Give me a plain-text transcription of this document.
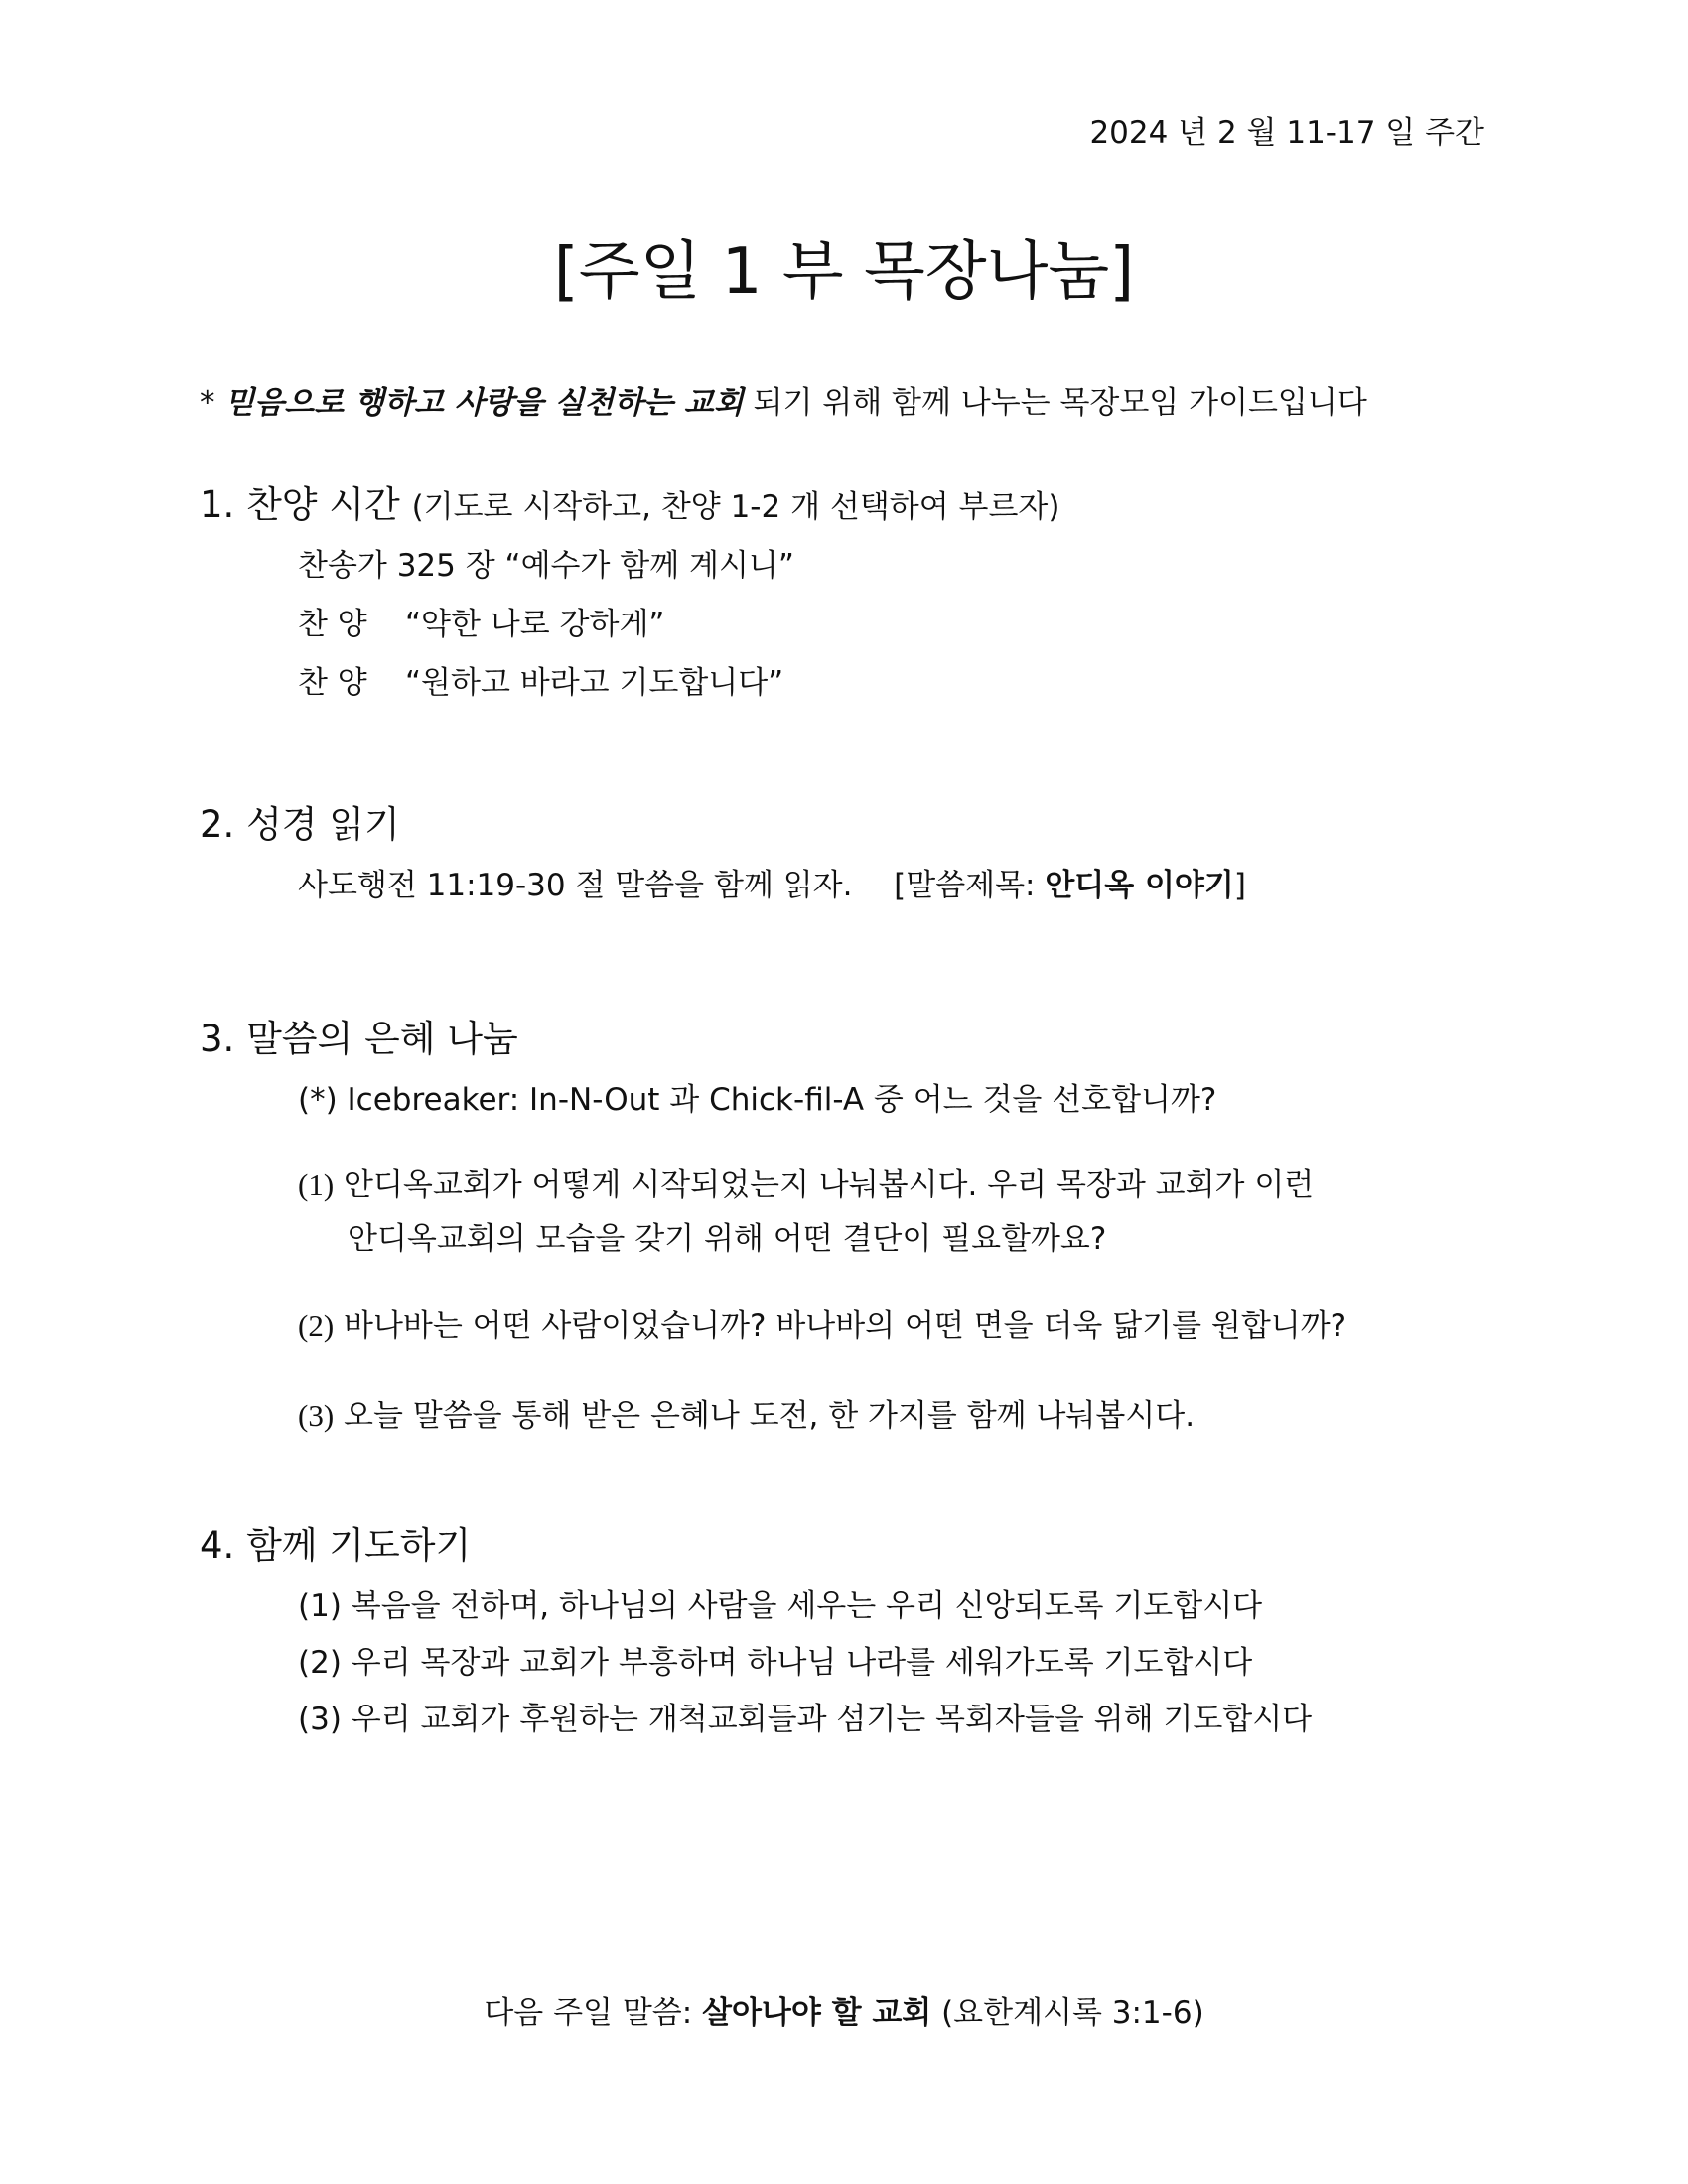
2024 년 2 월 11-17 일 주간
[주일 1 부 목장나눔]
* 믿음으로 행하고 사랑을 실천하는 교회 되기 위해 함께 나누는 목장모임 가이드입니다
1. 찬양 시간 (기도로 시작하고, 찬양 1-2 개 선택하여 부르자)
찬송가 325 장 “예수가 함께 계시니”
찬 양 “약한 나로 강하게”
찬 양 “원하고 바라고 기도합니다”
2. 성경 읽기
사도행전 11:19-30 절 말씀을 함께 읽자. [말씀제목: 안디옥 이야기]
3. 말씀의 은혜 나눔
(*) Icebreaker: In-N-Out 과 Chick-fil-A 중 어느 것을 선호합니까?
(1) 안디옥교회가 어떻게 시작되었는지 나눠봅시다. 우리 목장과 교회가 이런
안디옥교회의 모습을 갖기 위해 어떤 결단이 필요할까요?
(2) 바나바는 어떤 사람이었습니까? 바나바의 어떤 면을 더욱 닮기를 원합니까?
(3) 오늘 말씀을 통해 받은 은혜나 도전, 한 가지를 함께 나눠봅시다.
4. 함께 기도하기
(1) 복음을 전하며, 하나님의 사람을 세우는 우리 신앙되도록 기도합시다
(2) 우리 목장과 교회가 부흥하며 하나님 나라를 세워가도록 기도합시다
(3) 우리 교회가 후원하는 개척교회들과 섬기는 목회자들을 위해 기도합시다
다음 주일 말씀: 살아나야 할 교회 (요한계시록 3:1-6)
